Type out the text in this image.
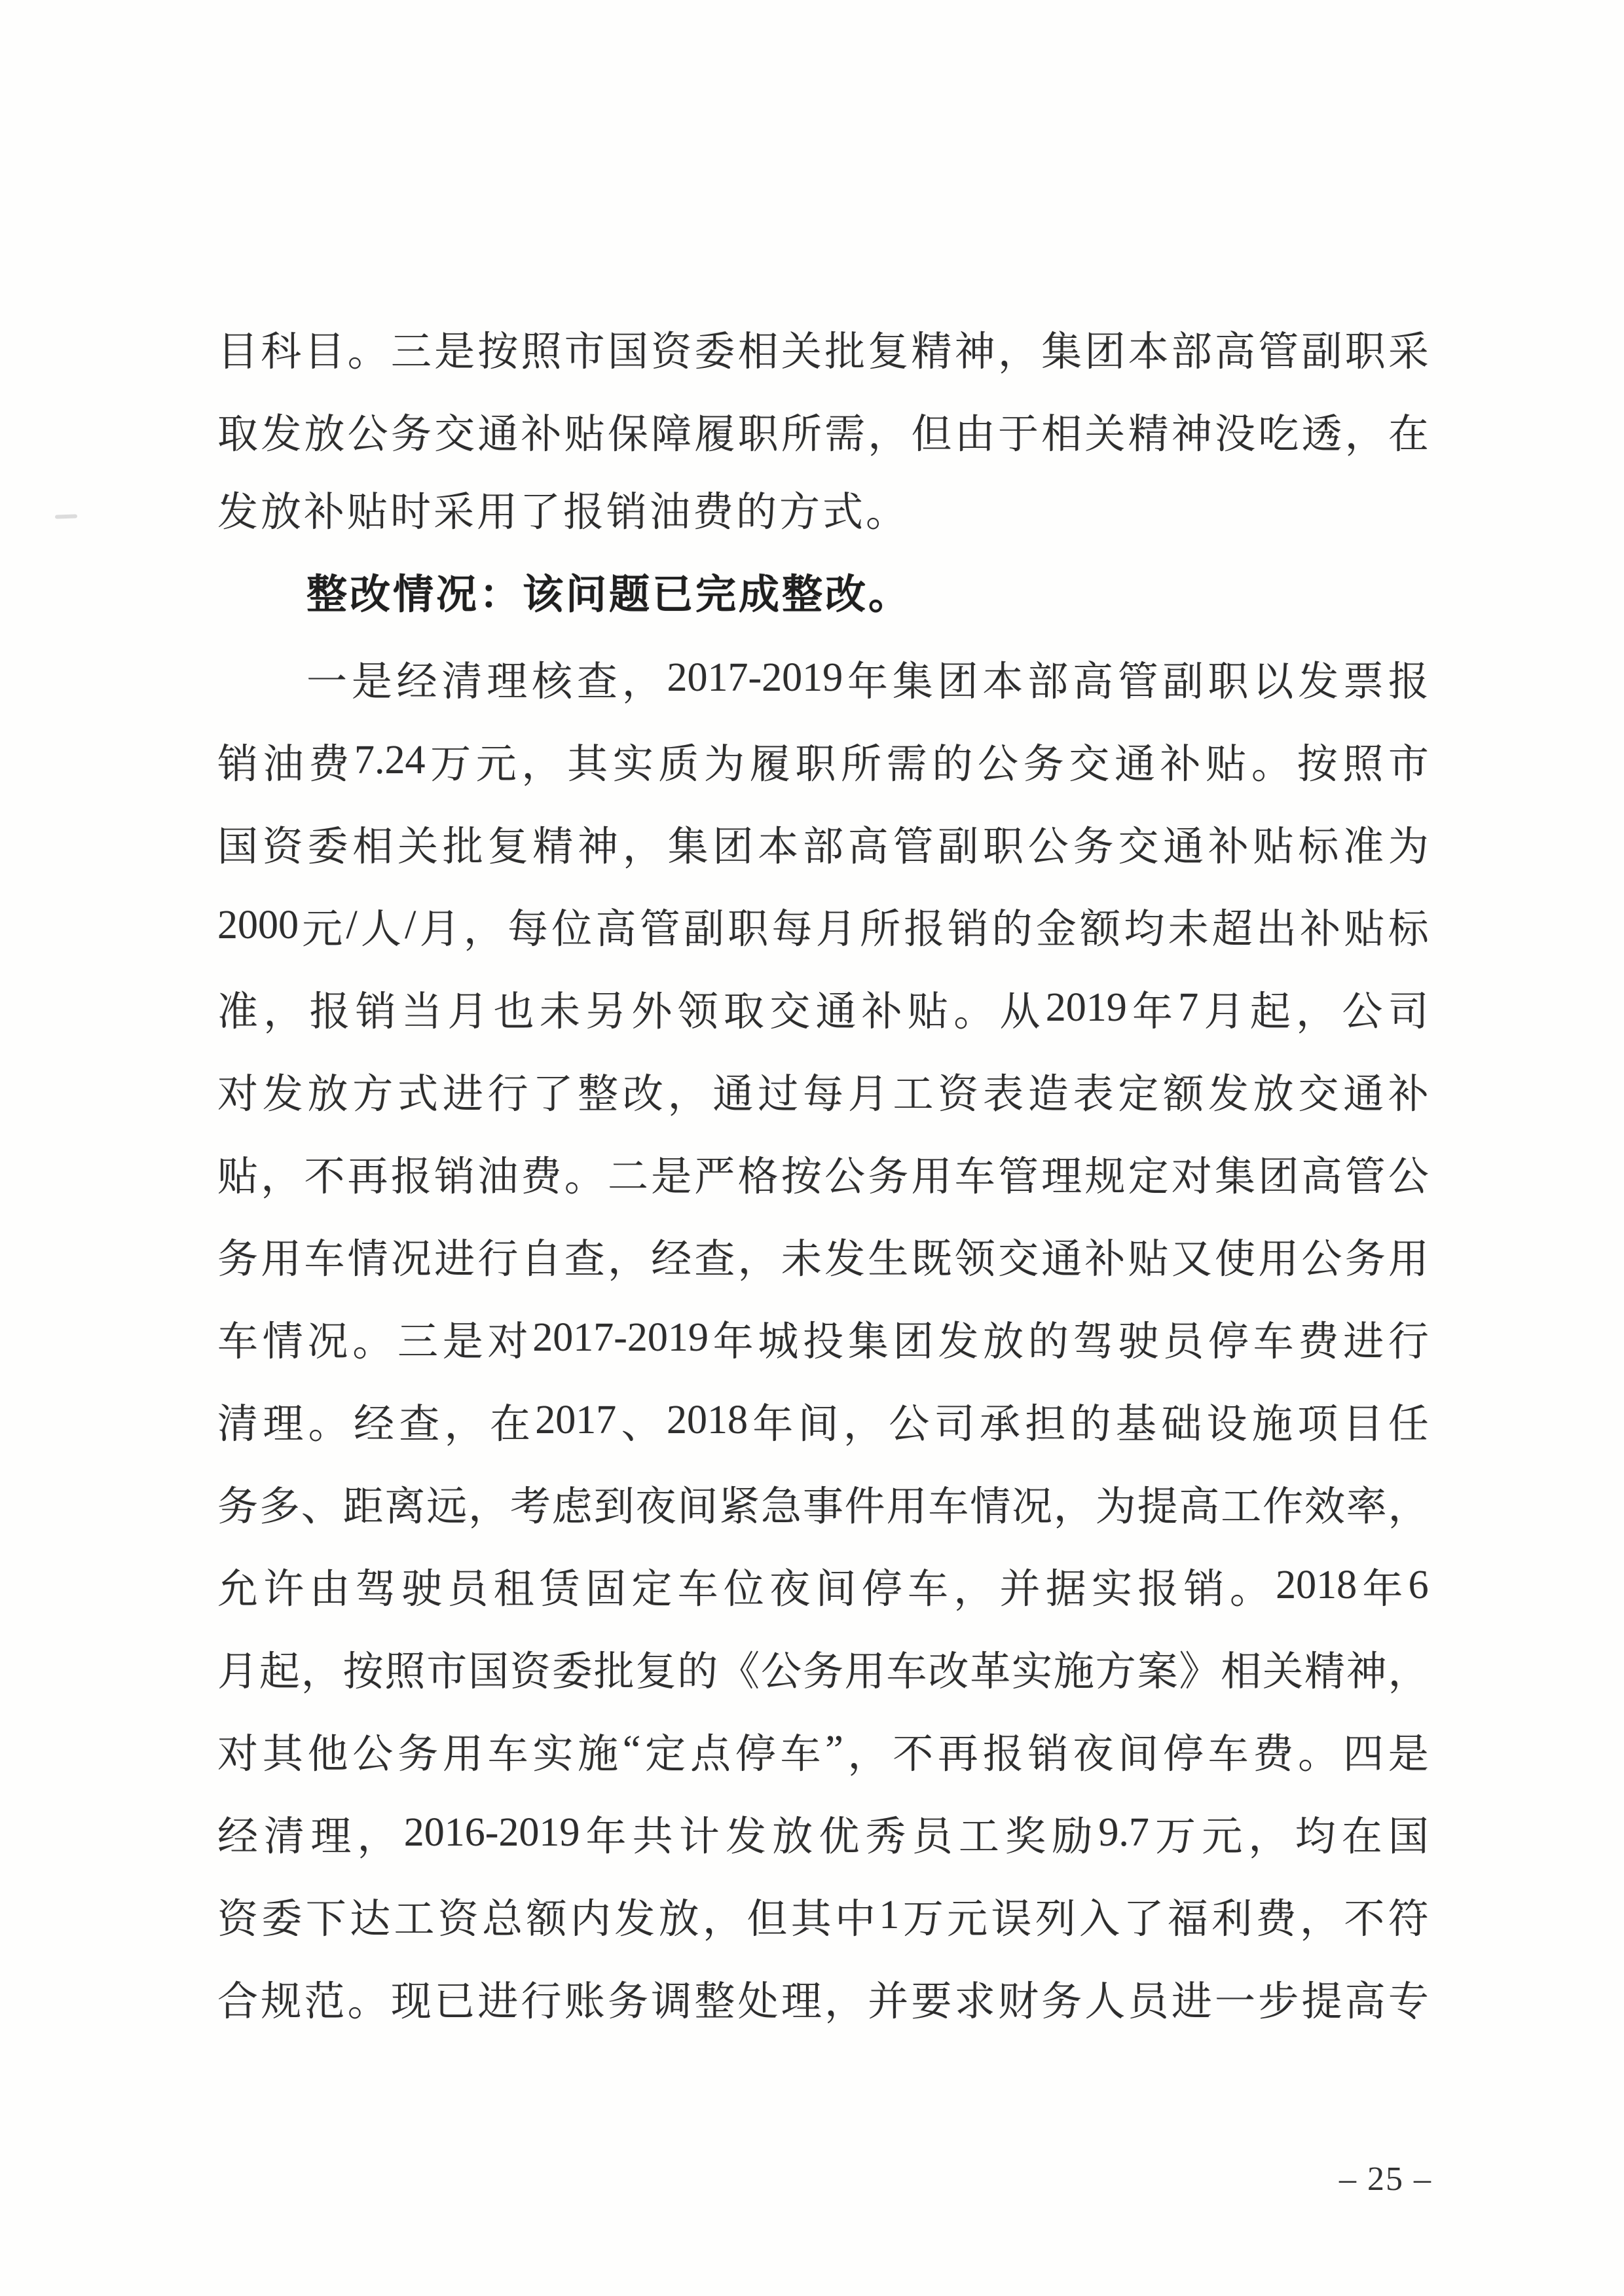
目 科 目 。 三 是 按 照 市 国 资 委 相 关 批 复 精 神 ， 集 团 本 部 高 管 副 职 采
取 发 放 公 务 交 通 补 贴 保 障 履 职 所 需 ， 但 由 于 相 关 精 神 没 吃 透 ， 在
发放补贴时采用了报销油费的方式。
整改情况：该问题已完成整改。
一 是 经 清 理 核 查 ， 2017-2019 年 集 团 本 部 高 管 副 职 以 发 票 报
销 油 费 7.24 万 元 ， 其 实 质 为 履 职 所 需 的 公 务 交 通 补 贴 。 按 照 市
国 资 委 相 关 批 复 精 神 ， 集 团 本 部 高 管 副 职 公 务 交 通 补 贴 标 准 为
2000 元 / 人 / 月 ， 每 位 高 管 副 职 每 月 所 报 销 的 金 额 均 未 超 出 补 贴 标
准 ， 报 销 当 月 也 未 另 外 领 取 交 通 补 贴 。 从 2019 年 7 月 起 ， 公 司
对 发 放 方 式 进 行 了 整 改 ， 通 过 每 月 工 资 表 造 表 定 额 发 放 交 通 补
贴 ， 不 再 报 销 油 费 。 二 是 严 格 按 公 务 用 车 管 理 规 定 对 集 团 高 管 公
务 用 车 情 况 进 行 自 查 ， 经 查 ， 未 发 生 既 领 交 通 补 贴 又 使 用 公 务 用
车 情 况 。 三 是 对 2017-2019 年 城 投 集 团 发 放 的 驾 驶 员 停 车 费 进 行
清 理 。 经 查 ， 在 2017 、 2018 年 间 ， 公 司 承 担 的 基 础 设 施 项 目 任
务 多 、 距 离 远 ， 考 虑 到 夜 间 紧 急 事 件 用 车 情 况 ， 为 提 高 工 作 效 率 ，
允 许 由 驾 驶 员 租 赁 固 定 车 位 夜 间 停 车 ， 并 据 实 报 销 。 2018 年 6
月 起 ， 按 照 市 国 资 委 批 复 的 《 公 务 用 车 改 革 实 施 方 案 》 相 关 精 神 ，
对 其 他 公 务 用 车 实 施 “ 定 点 停 车 ” ， 不 再 报 销 夜 间 停 车 费 。 四 是
经 清 理 ， 2016-2019 年 共 计 发 放 优 秀 员 工 奖 励 9.7 万 元 ， 均 在 国
资 委 下 达 工 资 总 额 内 发 放 ， 但 其 中 1 万 元 误 列 入 了 福 利 费 ， 不 符
合 规 范 。 现 已 进 行 账 务 调 整 处 理 ， 并 要 求 财 务 人 员 进 一 步 提 高 专

– 25 –
